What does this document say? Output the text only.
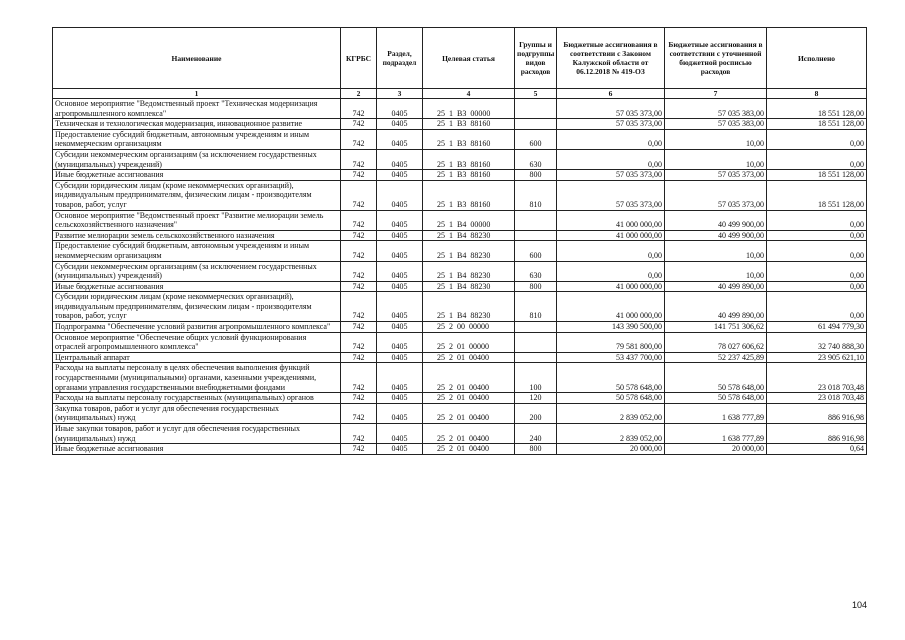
Наименование	КГРБС	Раздел, подраздел	Целевая статья	Группы и подгруппы видов расходов	Бюджетные ассигнования в соответствии с Законом Калужской области от 06.12.2018 № 419-ОЗ	Бюджетные ассигнования в соответствии с уточненной бюджетной росписью расходов	Исполнено
1	2	3	4	5	6	7	8
Основное мероприятие "Ведомственный проект "Техническая модернизация агропромышленного комплекса"	742	0405	25  1  B3  00000		57 035 373,00	57 035 383,00	18 551 128,00
Техническая и технологическая модернизация, инновационное развитие	742	0405	25  1  B3  88160		57 035 373,00	57 035 383,00	18 551 128,00
Предоставление субсидий бюджетным, автономным учреждениям и иным некоммерческим организациям	742	0405	25  1  B3  88160	600	0,00	10,00	0,00
Субсидии некоммерческим организациям (за исключением государственных (муниципальных) учреждений)	742	0405	25  1  B3  88160	630	0,00	10,00	0,00
Иные бюджетные ассигнования	742	0405	25  1  B3  88160	800	57 035 373,00	57 035 373,00	18 551 128,00
Субсидии юридическим лицам (кроме некоммерческих организаций), индивидуальным предпринимателям, физическим лицам - производителям товаров, работ, услуг	742	0405	25  1  B3  88160	810	57 035 373,00	57 035 373,00	18 551 128,00
Основное мероприятие "Ведомственный проект "Развитие мелиорации земель сельскохозяйственного назначения"	742	0405	25  1  B4  00000		41 000 000,00	40 499 900,00	0,00
Развитие мелиорации земель сельскохозяйственного назначения	742	0405	25  1  B4  88230		41 000 000,00	40 499 900,00	0,00
Предоставление субсидий бюджетным, автономным учреждениям и иным некоммерческим организациям	742	0405	25  1  B4  88230	600	0,00	10,00	0,00
Субсидии некоммерческим организациям (за исключением государственных (муниципальных) учреждений)	742	0405	25  1  B4  88230	630	0,00	10,00	0,00
Иные бюджетные ассигнования	742	0405	25  1  B4  88230	800	41 000 000,00	40 499 890,00	0,00
Субсидии юридическим лицам (кроме некоммерческих организаций), индивидуальным предпринимателям, физическим лицам - производителям товаров, работ, услуг	742	0405	25  1  B4  88230	810	41 000 000,00	40 499 890,00	0,00
Подпрограмма "Обеспечение условий развития агропромышленного комплекса"	742	0405	25  2  00  00000		143 390 500,00	141 751 306,62	61 494 779,30
Основное мероприятие "Обеспечение общих условий функционирования отраслей агропромышленного комплекса"	742	0405	25  2  01  00000		79 581 800,00	78 027 606,62	32 740 888,30
Центральный аппарат	742	0405	25  2  01  00400		53 437 700,00	52 237 425,89	23 905 621,10
Расходы на выплаты персоналу в целях обеспечения выполнения функций государственными (муниципальными) органами, казенными учреждениями, органами управления государственными внебюджетными фондами	742	0405	25  2  01  00400	100	50 578 648,00	50 578 648,00	23 018 703,48
Расходы на выплаты персоналу государственных (муниципальных) органов	742	0405	25  2  01  00400	120	50 578 648,00	50 578 648,00	23 018 703,48
Закупка товаров, работ и услуг для обеспечения государственных (муниципальных) нужд	742	0405	25  2  01  00400	200	2 839 052,00	1 638 777,89	886 916,98
Иные закупки товаров, работ и услуг для обеспечения государственных (муниципальных) нужд	742	0405	25  2  01  00400	240	2 839 052,00	1 638 777,89	886 916,98
Иные бюджетные ассигнования	742	0405	25  2  01  00400	800	20 000,00	20 000,00	0,64
104
